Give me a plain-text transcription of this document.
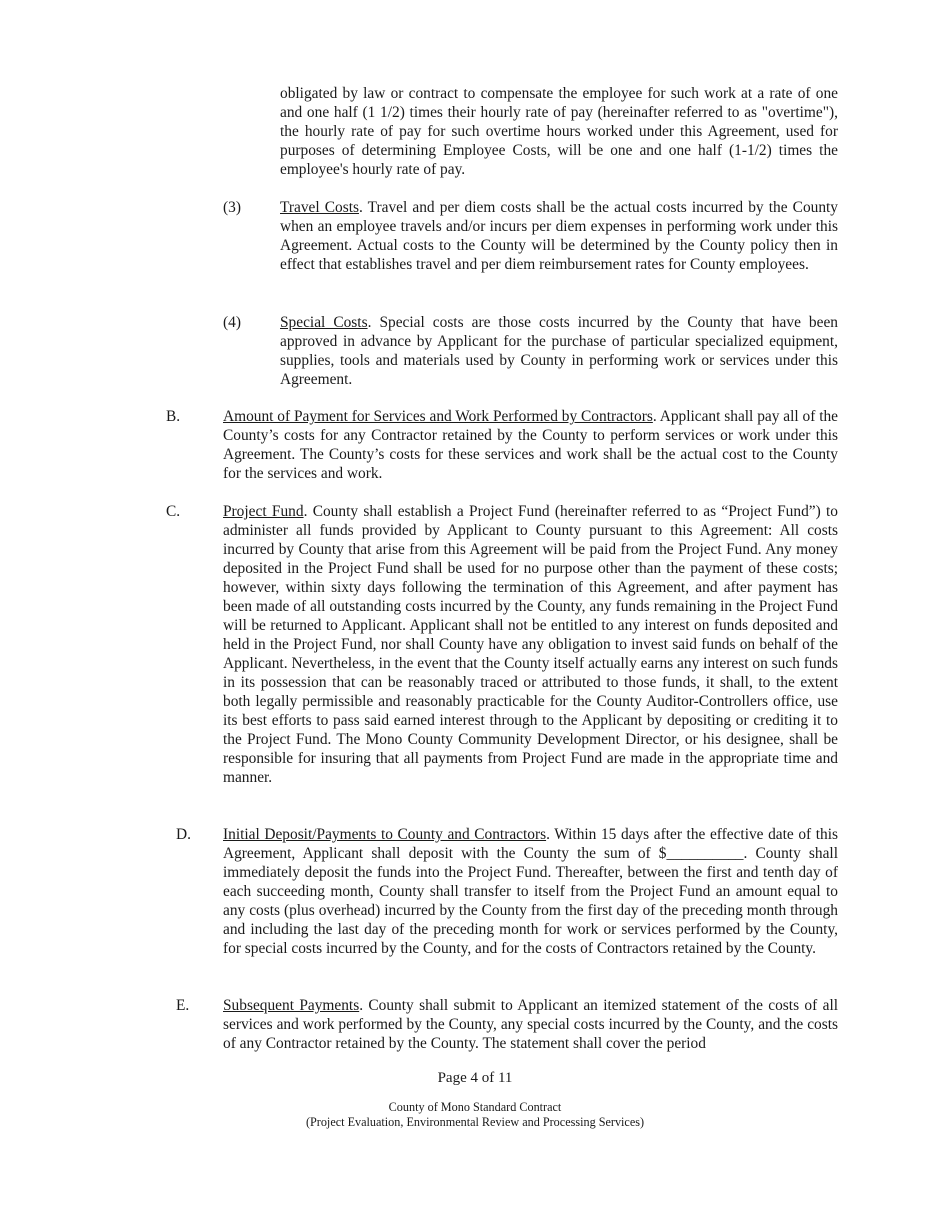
obligated by law or contract to compensate the employee for such work at a rate of one and one half (1 1/2) times their hourly rate of pay (hereinafter referred to as "overtime"), the hourly rate of pay for such overtime hours worked under this Agreement, used for purposes of determining Employee Costs, will be one and one half (1-1/2) times the employee's hourly rate of pay.

(3)	Travel Costs. Travel and per diem costs shall be the actual costs incurred by the County when an employee travels and/or incurs per diem expenses in performing work under this Agreement. Actual costs to the County will be determined by the County policy then in effect that establishes travel and per diem reimbursement rates for County employees.

(4)	Special Costs. Special costs are those costs incurred by the County that have been approved in advance by Applicant for the purchase of particular specialized equipment, supplies, tools and materials used by County in performing work or services under this Agreement.

B.	Amount of Payment for Services and Work Performed by Contractors. Applicant shall pay all of the County’s costs for any Contractor retained by the County to perform services or work under this Agreement. The County’s costs for these services and work shall be the actual cost to the County for the services and work.

C.	Project Fund. County shall establish a Project Fund (hereinafter referred to as “Project Fund”) to administer all funds provided by Applicant to County pursuant to this Agreement: All costs incurred by County that arise from this Agreement will be paid from the Project Fund. Any money deposited in the Project Fund shall be used for no purpose other than the payment of these costs; however, within sixty days following the termination of this Agreement, and after payment has been made of all outstanding costs incurred by the County, any funds remaining in the Project Fund will be returned to Applicant. Applicant shall not be entitled to any interest on funds deposited and held in the Project Fund, nor shall County have any obligation to invest said funds on behalf of the Applicant. Nevertheless, in the event that the County itself actually earns any interest on such funds in its possession that can be reasonably traced or attributed to those funds, it shall, to the extent both legally permissible and reasonably practicable for the County Auditor-Controllers office, use its best efforts to pass said earned interest through to the Applicant by depositing or crediting it to the Project Fund. The Mono County Community Development Director, or his designee, shall be responsible for insuring that all payments from Project Fund are made in the appropriate time and manner.

D. Initial Deposit/Payments to County and Contractors. Within 15 days after the effective date of this Agreement, Applicant shall deposit with the County the sum of $__________. County shall immediately deposit the funds into the Project Fund. Thereafter, between the first and tenth day of each succeeding month, County shall transfer to itself from the Project Fund an amount equal to any costs (plus overhead) incurred by the County from the first day of the preceding month through and including the last day of the preceding month for work or services performed by the County, for special costs incurred by the County, and for the costs of Contractors retained by the County.

E. Subsequent Payments. County shall submit to Applicant an itemized statement of the costs of all services and work performed by the County, any special costs incurred by the County, and the costs of any Contractor retained by the County. The statement shall cover the period

Page 4 of 11
County of Mono Standard Contract
(Project Evaluation, Environmental Review and Processing Services)
